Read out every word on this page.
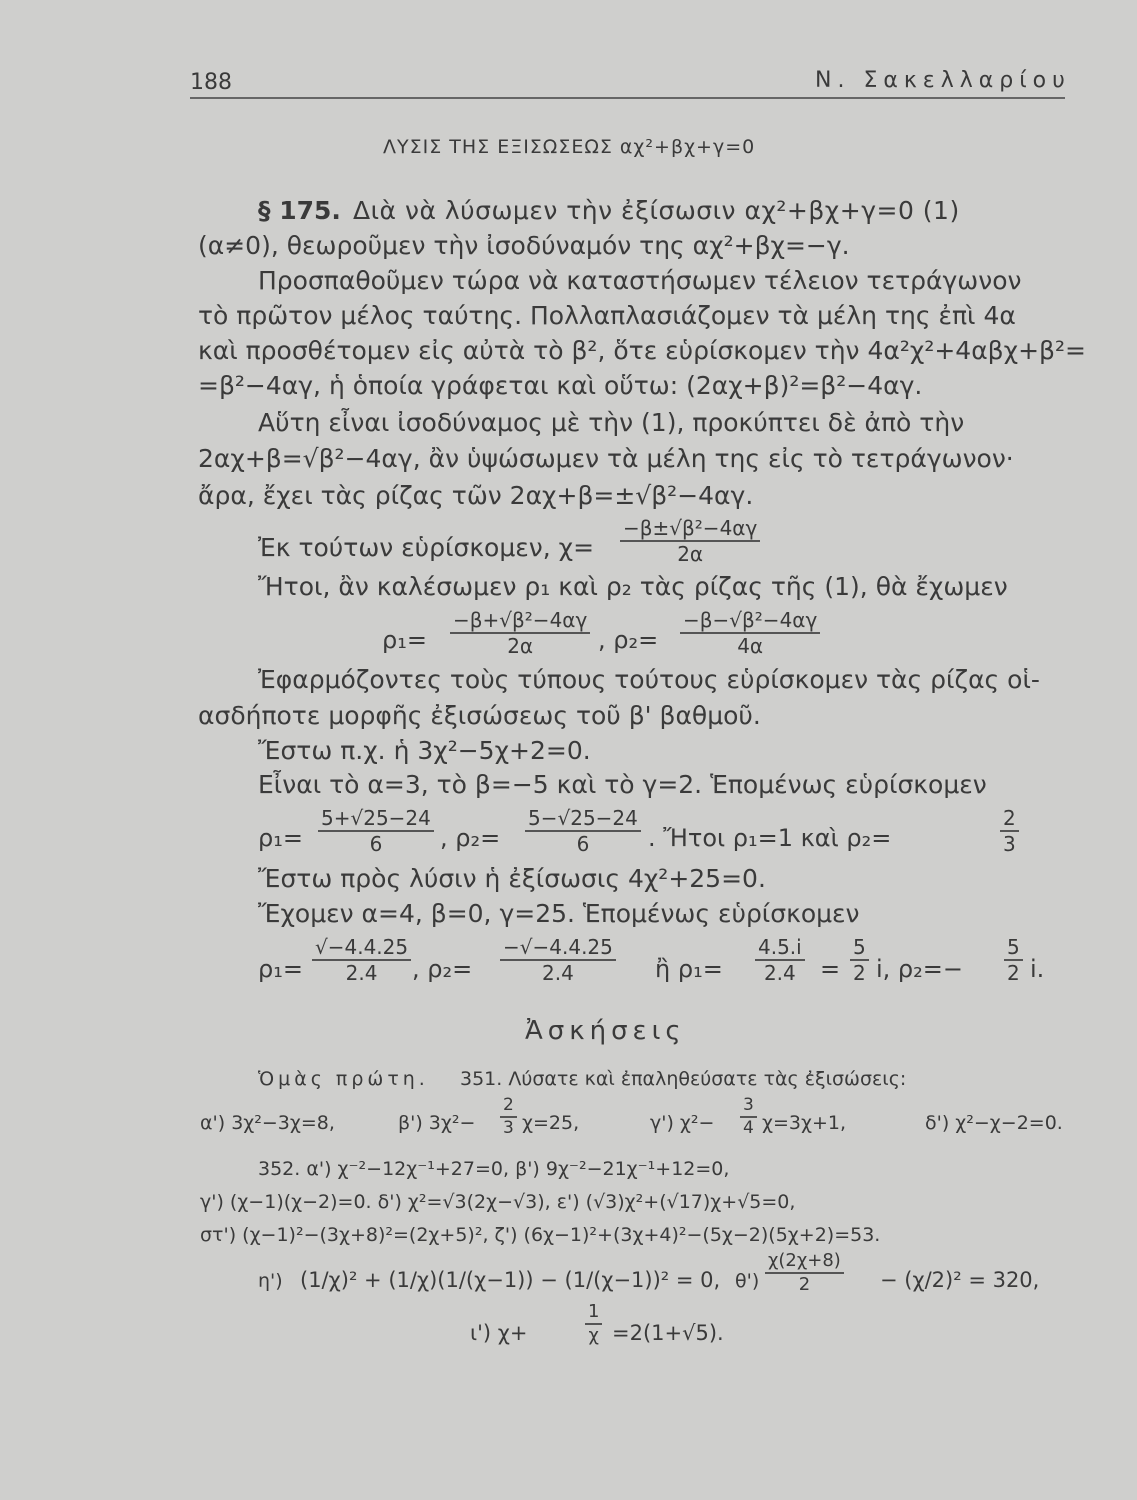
188	Ν. Σακελλαρίου
ΛΥΣΙΣ ΤΗΣ ΕΞΙΣΩΣΕΩΣ αχ²+βχ+γ=0
§ 175. Διὰ νὰ λύσωμεν τὴν ἐξίσωσιν αχ²+βχ+γ=0 (1)
(α≠0), θεωροῦμεν τὴν ἰσοδύναμόν της αχ²+βχ=−γ.
Προσπαθοῦμεν τώρα νὰ καταστήσωμεν τέλειον τετράγωνον
τὸ πρῶτον μέλος ταύτης. Πολλαπλασιάζομεν τὰ μέλη της ἐπὶ 4α
καὶ προσθέτομεν εἰς αὐτὰ τὸ β², ὅτε εὑρίσκομεν τὴν 4α²χ²+4αβχ+β²=
=β²−4αγ, ἡ ὁποία γράφεται καὶ οὕτω: (2αχ+β)²=β²−4αγ.
Αὕτη εἶναι ἰσοδύναμος μὲ τὴν (1), προκύπτει δὲ ἀπὸ τὴν
2αχ+β=√β²−4αγ, ἂν ὑψώσωμεν τὰ μέλη της εἰς τὸ τετράγωνον·
ἄρα, ἔχει τὰς ρίζας τῶν 2αχ+β=±√β²−4αγ.
Ἐκ τούτων εὑρίσκομεν, χ=
−β±√β²−4αγ
2α
Ἤτοι, ἂν καλέσωμεν ρ₁ καὶ ρ₂ τὰς ρίζας τῆς (1), θὰ ἔχωμεν
ρ₁=
−β+√β²−4αγ
2α	, ρ₂=
−β−√β²−4αγ
4α
Ἐφαρμόζοντες τοὺς τύπους τούτους εὑρίσκομεν τὰς ρίζας οἱ-
ασδήποτε μορφῆς ἐξισώσεως τοῦ β' βαθμοῦ.
Ἔστω π.χ. ἡ 3χ²−5χ+2=0.
Εἶναι τὸ α=3, τὸ β=−5 καὶ τὸ γ=2. Ἑπομένως εὑρίσκομεν
ρ₁=
5+√25−24
6	, ρ₂=
5−√25−24
6	. Ἤτοι ρ₁=1 καὶ ρ₂=
2
3
Ἔστω πρὸς λύσιν ἡ ἐξίσωσις 4χ²+25=0.
Ἔχομεν α=4, β=0, γ=25. Ἑπομένως εὑρίσκομεν
ρ₁=
√−4.4.25
2.4	, ρ₂=
−√−4.4.25
2.4	ἢ ρ₁=
4.5.i
2.4	=
5
2 i, ρ₂=−
5
2 i.
Ἀσκήσεις
Ὁμὰς πρώτη. 351. Λύσατε καὶ ἐπαληθεύσατε τὰς ἐξισώσεις:
α') 3χ²−3χ=8,	β') 3χ²−
2
3 χ=25,	γ') χ²−
3
4 χ=3χ+1,	δ') χ²−χ−2=0.
352. α') χ⁻²−12χ⁻¹+27=0, β') 9χ⁻²−21χ⁻¹+12=0,
γ') (χ−1)(χ−2)=0. δ') χ²=√3(2χ−√3), ε') (√3)χ²+(√17)χ+√5=0,
στ') (χ−1)²−(3χ+8)²=(2χ+5)², ζ') (6χ−1)²+(3χ+4)²−(5χ−2)(5χ+2)=53.
η') (1/χ)² + (1/χ)(1/(χ−1)) − (1/(χ−1))² = 0, θ')
χ(2χ+8)
2	− (χ/2)² = 320,
ι') χ+
1
χ =2(1+√5).
